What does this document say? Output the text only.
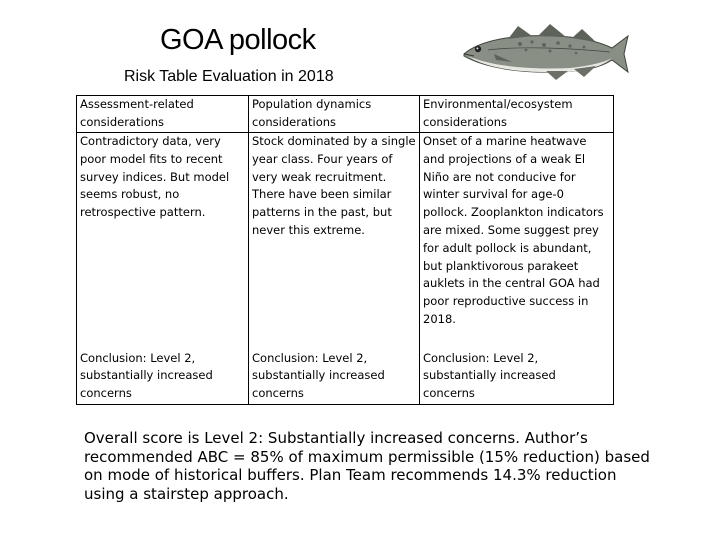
GOA pollock
Risk Table Evaluation in 2018
Assessment-related considerations	Population dynamics considerations	Environmental/ecosystem considerations
Contradictory data, very poor model fits to recent survey indices. But model seems robust, no retrospective pattern.	Stock dominated by a single year class. Four years of very weak recruitment. There have been similar patterns in the past, but never this extreme.	Onset of a marine heatwave and projections of a weak El Niño are not conducive for winter survival for age-0 pollock. Zooplankton indicators are mixed. Some suggest prey for adult pollock is abundant, but planktivorous parakeet auklets in the central GOA had poor reproductive success in 2018.
Conclusion: Level 2, substantially increased concerns	Conclusion: Level 2, substantially increased concerns	Conclusion: Level 2, substantially increased concerns
Overall score is Level 2: Substantially increased concerns. Author’s recommended ABC = 85% of maximum permissible (15% reduction) based on mode of historical buffers. Plan Team recommends 14.3% reduction using a stairstep approach.
